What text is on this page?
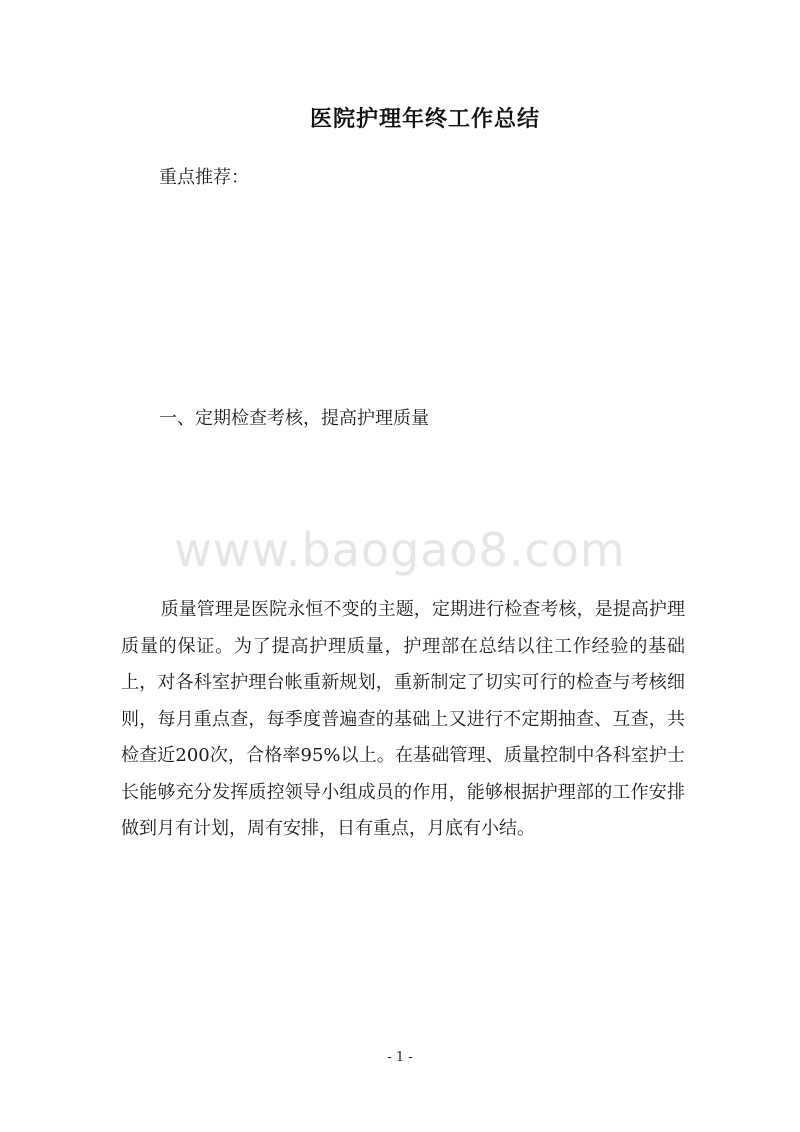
医院护理年终工作总结
重点推荐：
一、定期检查考核，提高护理质量
www.baogao8.com
质量管理是医院永恒不变的主题，定期进行检查考核，是提高护理质量的保证。为了提高护理质量，护理部在总结以往工作经验的基础上，对各科室护理台帐重新规划，重新制定了切实可行的检查与考核细则，每月重点查，每季度普遍查的基础上又进行不定期抽查、互查，共检查近200次，合格率95%以上。在基础管理、质量控制中各科室护士长能够充分发挥质控领导小组成员的作用，能够根据护理部的工作安排做到月有计划，周有安排，日有重点，月底有小结。
- 1 -
